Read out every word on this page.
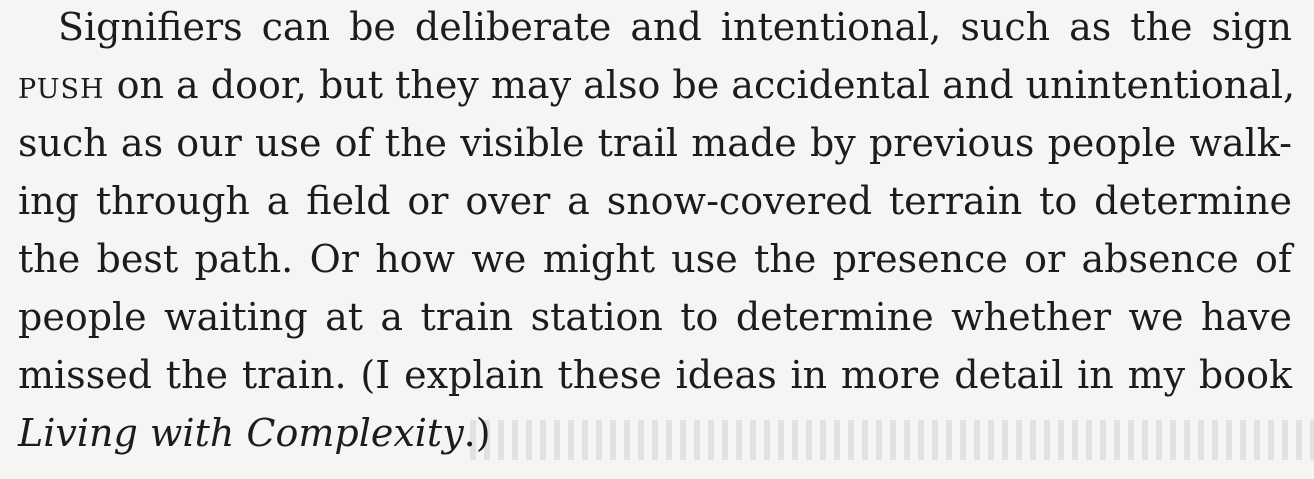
Signifiers can be deliberate and intentional, such as the sign
push on a door, but they may also be accidental and unintentional,
such as our use of the visible trail made by previous people walk-
ing through a field or over a snow-covered terrain to determine
the best path. Or how we might use the presence or absence of
people waiting at a train station to determine whether we have
missed the train. (I explain these ideas in more detail in my book
Living with Complexity.)
